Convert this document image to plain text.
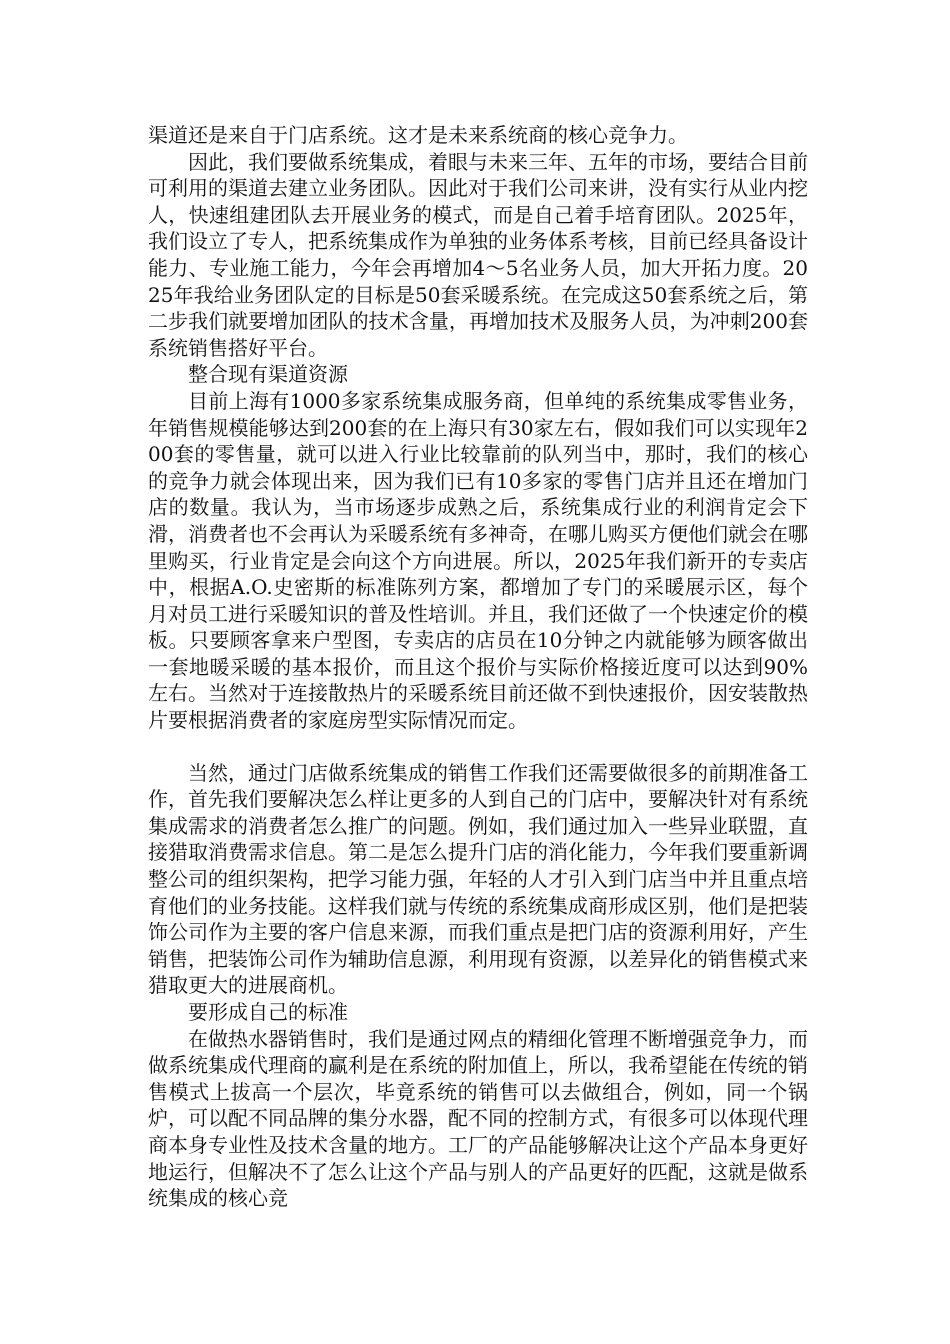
渠道还是来自于门店系统。这才是未来系统商的核心竞争力。

因此，我们要做系统集成，着眼与未来三年、五年的市场，要结合目前可利用的渠道去建立业务团队。因此对于我们公司来讲，没有实行从业内挖人，快速组建团队去开展业务的模式，而是自己着手培育团队。2025年，我们设立了专人，把系统集成作为单独的业务体系考核，目前已经具备设计能力、专业施工能力，今年会再增加4～5名业务人员，加大开拓力度。2025年我给业务团队定的目标是50套采暖系统。在完成这50套系统之后，第二步我们就要增加团队的技术含量，再增加技术及服务人员，为冲刺200套系统销售搭好平台。

整合现有渠道资源

目前上海有1000多家系统集成服务商，但单纯的系统集成零售业务，年销售规模能够达到200套的在上海只有30家左右，假如我们可以实现年200套的零售量，就可以进入行业比较靠前的队列当中，那时，我们的核心的竞争力就会体现出来，因为我们已有10多家的零售门店并且还在增加门店的数量。我认为，当市场逐步成熟之后，系统集成行业的利润肯定会下滑，消费者也不会再认为采暖系统有多神奇，在哪儿购买方便他们就会在哪里购买，行业肯定是会向这个方向进展。所以，2025年我们新开的专卖店中，根据A.O.史密斯的标准陈列方案，都增加了专门的采暖展示区，每个月对员工进行采暖知识的普及性培训。并且，我们还做了一个快速定价的模板。只要顾客拿来户型图，专卖店的店员在10分钟之内就能够为顾客做出一套地暖采暖的基本报价，而且这个报价与实际价格接近度可以达到90%左右。当然对于连接散热片的采暖系统目前还做不到快速报价，因安装散热片要根据消费者的家庭房型实际情况而定。

当然，通过门店做系统集成的销售工作我们还需要做很多的前期准备工作，首先我们要解决怎么样让更多的人到自己的门店中，要解决针对有系统集成需求的消费者怎么推广的问题。例如，我们通过加入一些异业联盟，直接猎取消费需求信息。第二是怎么提升门店的消化能力，今年我们要重新调整公司的组织架构，把学习能力强，年轻的人才引入到门店当中并且重点培育他们的业务技能。这样我们就与传统的系统集成商形成区别，他们是把装饰公司作为主要的客户信息来源，而我们重点是把门店的资源利用好，产生销售，把装饰公司作为辅助信息源，利用现有资源，以差异化的销售模式来猎取更大的进展商机。

要形成自己的标准

在做热水器销售时，我们是通过网点的精细化管理不断增强竞争力，而做系统集成代理商的赢利是在系统的附加值上，所以，我希望能在传统的销售模式上拔高一个层次，毕竟系统的销售可以去做组合，例如，同一个锅炉，可以配不同品牌的集分水器，配不同的控制方式，有很多可以体现代理商本身专业性及技术含量的地方。工厂的产品能够解决让这个产品本身更好地运行，但解决不了怎么让这个产品与别人的产品更好的匹配，这就是做系统集成的核心竞
